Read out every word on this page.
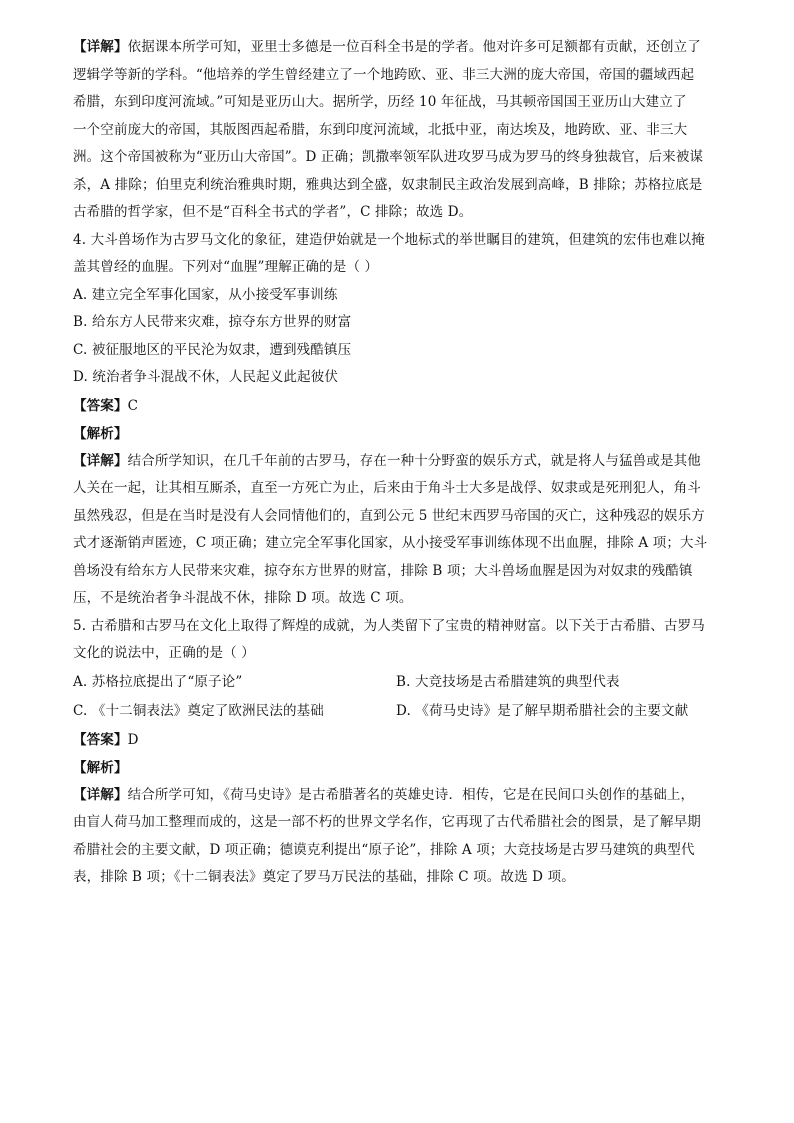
【详解】依据课本所学可知，亚里士多德是一位百科全书是的学者。他对许多可足额都有贡献，还创立了
逻辑学等新的学科。“他培养的学生曾经建立了一个地跨欧、亚、非三大洲的庞大帝国，帝国的疆域西起
希腊，东到印度河流域。”可知是亚历山大。据所学，历经 10 年征战，马其顿帝国国王亚历山大建立了
一个空前庞大的帝国，其版图西起希腊，东到印度河流域，北抵中亚，南达埃及，地跨欧、亚、非三大
洲。这个帝国被称为“亚历山大帝国”。D 正确；凯撒率领军队进攻罗马成为罗马的终身独裁官，后来被谋
杀，A 排除；伯里克利统治雅典时期，雅典达到全盛，奴隶制民主政治发展到高峰，B 排除；苏格拉底是
古希腊的哲学家，但不是“百科全书式的学者”，C 排除；故选 D。
4. 大斗兽场作为古罗马文化的象征，建造伊始就是一个地标式的举世瞩目的建筑，但建筑的宏伟也难以掩
盖其曾经的血腥。下列对“血腥”理解正确的是（ ）
A. 建立完全军事化国家，从小接受军事训练
B. 给东方人民带来灾难，掠夺东方世界的财富
C. 被征服地区的平民沦为奴隶，遭到残酷镇压
D. 统治者争斗混战不休，人民起义此起彼伏
【答案】C
【解析】
【详解】结合所学知识，在几千年前的古罗马，存在一种十分野蛮的娱乐方式，就是将人与猛兽或是其他
人关在一起，让其相互厮杀，直至一方死亡为止，后来由于角斗士大多是战俘、奴隶或是死刑犯人，角斗
虽然残忍，但是在当时是没有人会同情他们的，直到公元 5 世纪末西罗马帝国的灭亡，这种残忍的娱乐方
式才逐渐销声匿迹，C 项正确；建立完全军事化国家，从小接受军事训练体现不出血腥，排除 A 项；大斗
兽场没有给东方人民带来灾难，掠夺东方世界的财富，排除 B 项；大斗兽场血腥是因为对奴隶的残酷镇
压，不是统治者争斗混战不休，排除 D 项。故选 C 项。
5. 古希腊和古罗马在文化上取得了辉煌的成就，为人类留下了宝贵的精神财富。以下关于古希腊、古罗马
文化的说法中，正确的是（ ）
A. 苏格拉底提出了“原子论”	B. 大竞技场是古希腊建筑的典型代表
C. 《十二铜表法》奠定了欧洲民法的基础	D. 《荷马史诗》是了解早期希腊社会的主要文献
【答案】D
【解析】
【详解】结合所学可知，《荷马史诗》是古希腊著名的英雄史诗．相传，它是在民间口头创作的基础上，
由盲人荷马加工整理而成的，这是一部不朽的世界文学名作，它再现了古代希腊社会的图景，是了解早期
希腊社会的主要文献，D 项正确；德谟克利提出“原子论”，排除 A 项；大竞技场是古罗马建筑的典型代
表，排除 B 项；《十二铜表法》奠定了罗马万民法的基础，排除 C 项。故选 D 项。
